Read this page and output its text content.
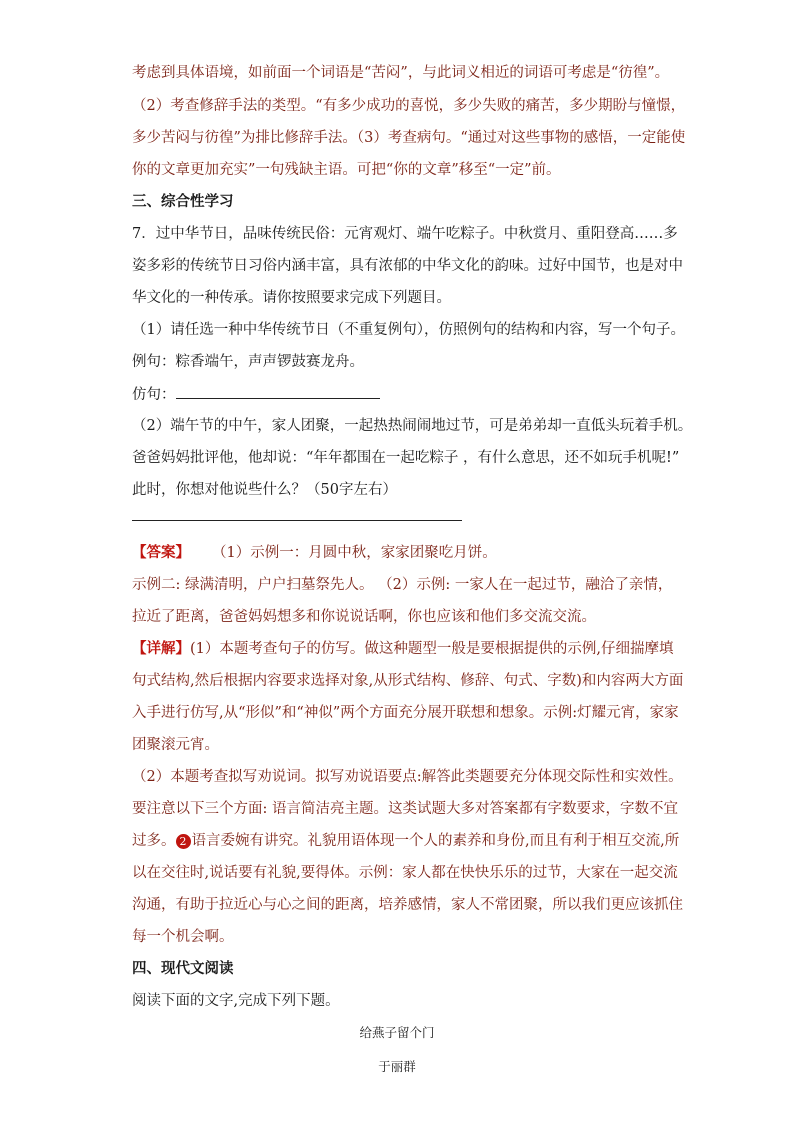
考虑到具体语境，如前面一个词语是“苦闷”，与此词义相近的词语可考虑是“彷徨”。
（2）考查修辞手法的类型。“有多少成功的喜悦，多少失败的痛苦，多少期盼与憧憬，
多少苦闷与彷徨”为排比修辞手法。（3）考查病句。“通过对这些事物的感悟，一定能使
你的文章更加充实”一句残缺主语。可把“你的文章”移至“一定”前。
三、综合性学习
7．过中华节日，品味传统民俗：元宵观灯、端午吃粽子。中秋赏月、重阳登高……多
姿多彩的传统节日习俗内涵丰富，具有浓郁的中华文化的韵味。过好中国节，也是对中
华文化的一种传承。请你按照要求完成下列题目。
（1）请任选一种中华传统节日（不重复例句），仿照例句的结构和内容，写一个句子。
例句：粽香端午，声声锣鼓赛龙舟。
仿句：
（2）端午节的中午，家人团聚，一起热热闹闹地过节，可是弟弟却一直低头玩着手机。
爸爸妈妈批评他，他却说：“年年都围在一起吃粽子 ，有什么意思，还不如玩手机呢!”
此时，你想对他说些什么？（50字左右）
【答案】 （1）示例一：月圆中秋，家家团聚吃月饼。
示例二: 绿满清明，户户扫墓祭先人。 （2）示例: 一家人在一起过节，融洽了亲情，
拉近了距离，爸爸妈妈想多和你说说话啊，你也应该和他们多交流交流。
【详解】(1）本题考查句子的仿写。做这种题型一般是要根据提供的示例,仔细揣摩填
句式结构,然后根据内容要求选择对象,从形式结构、修辞、句式、字数)和内容两大方面
入手进行仿写,从“形似”和“神似”两个方面充分展开联想和想象。示例:灯耀元宵，家家
团聚滚元宵。
（2）本题考查拟写劝说词。拟写劝说语要点:解答此类题要充分体现交际性和实效性。
要注意以下三个方面: 语言简洁亮主题。这类试题大多对答案都有字数要求，字数不宜
过多。 2 语言委婉有讲究。礼貌用语体现一个人的素养和身份,而且有利于相互交流,所
以在交往时,说话要有礼貌,要得体。示例：家人都在快快乐乐的过节，大家在一起交流
沟通，有助于拉近心与心之间的距离，培养感情，家人不常团聚，所以我们更应该抓住
每一个机会啊。
四、现代文阅读
阅读下面的文字,完成下列下题。
给燕子留个门
于丽群
